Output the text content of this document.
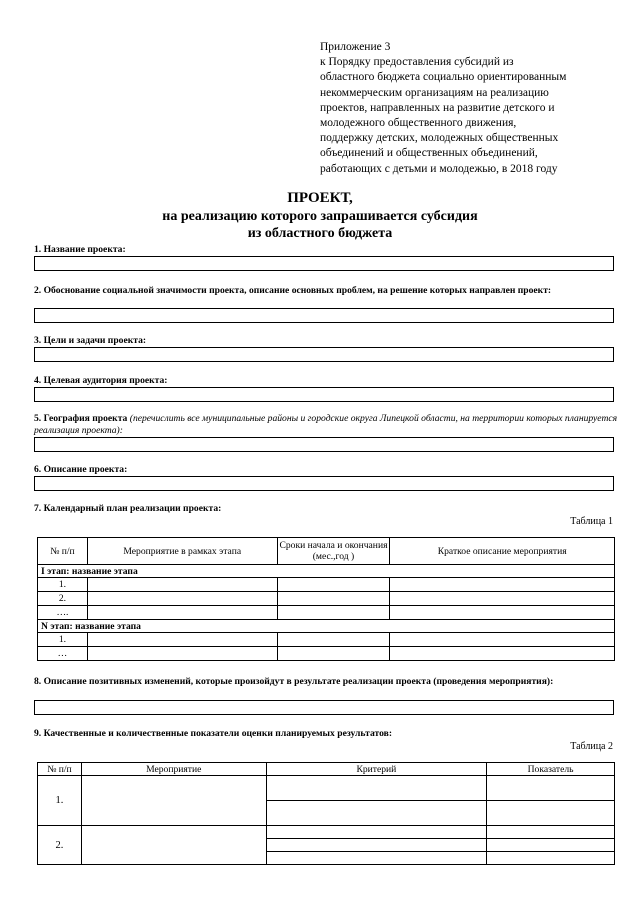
Приложение 3
к Порядку предоставления субсидий из
областного бюджета социально ориентированным
некоммерческим организациям на реализацию
проектов, направленных на развитие детского и
молодежного общественного движения,
поддержку детских, молодежных общественных
объединений и общественных объединений,
работающих с детьми и молодежью, в 2018 году
ПРОЕКТ,
на реализацию которого запрашивается субсидия
из областного бюджета
1. Название проекта:
2. Обоснование социальной значимости проекта, описание основных проблем, на решение которых направлен проект:
3. Цели и задачи проекта:
4. Целевая аудитория проекта:
5. География проекта (перечислить все муниципальные районы и городские округа Липецкой области, на территории которых планируется реализация проекта):
6. Описание проекта:
7. Календарный план реализации проекта:
Таблица 1
№ п/п	Мероприятие в рамках этапа	Сроки начала и окончания (мес.,год )	Краткое описание мероприятия
I этап: название этапа			
1.			
2.			
….			
N этап: название этапа			
1.			
…			
8. Описание позитивных изменений, которые произойдут в результате реализации проекта (проведения мероприятия):
9. Качественные и количественные показатели оценки планируемых результатов:
Таблица 2
№ п/п	Мероприятие	Критерий	Показатель
1.			

2.			
